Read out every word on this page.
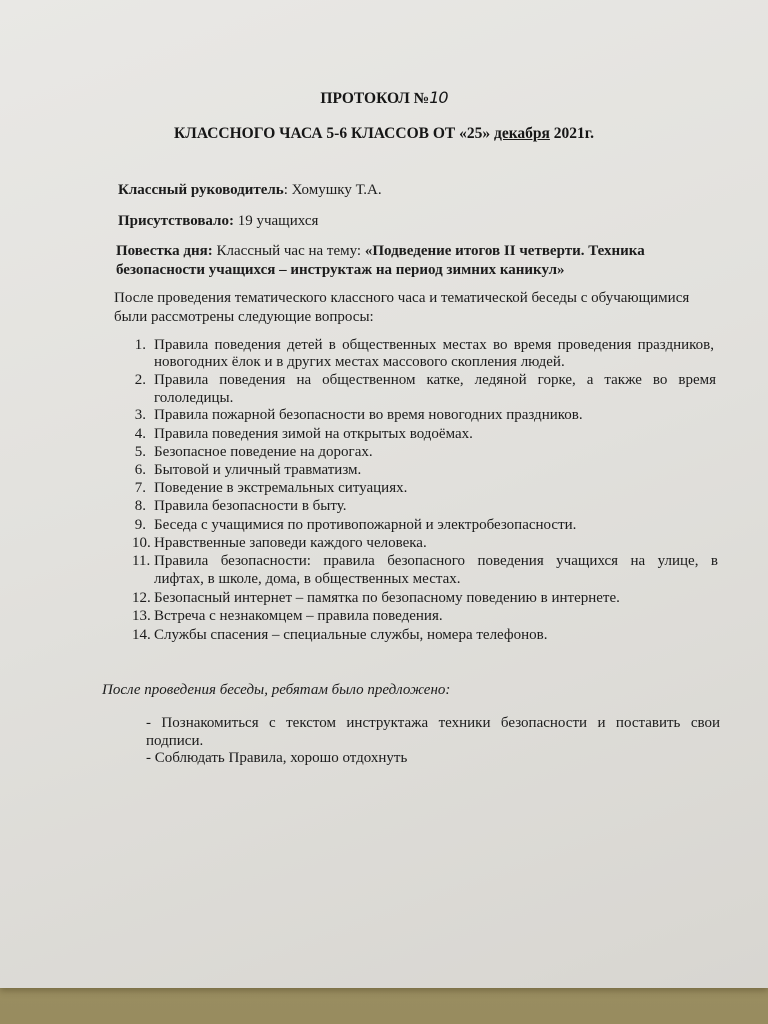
ПРОТОКОЛ №10
КЛАССНОГО ЧАСА 5-6 КЛАССОВ ОТ «25» декабря 2021г.
Классный руководитель: Хомушку Т.А.
Присутствовало: 19 учащихся
Повестка дня: Классный час на тему: «Подведение итогов II четверти. Техника
безопасности учащихся – инструктаж на период зимних каникул»
После проведения тематического классного часа и тематической беседы с обучающимися
были рассмотрены следующие вопросы:
1. Правила поведения детей в общественных местах во время проведения праздников,
новогодних ёлок и в других местах массового скопления людей.
2. Правила поведения на общественном катке, ледяной горке, а также во время
гололедицы.
3. Правила пожарной безопасности во время новогодних праздников.
4. Правила поведения зимой на открытых водоёмах.
5. Безопасное поведение на дорогах.
6. Бытовой и уличный травматизм.
7. Поведение в экстремальных ситуациях.
8. Правила безопасности в быту.
9. Беседа с учащимися по противопожарной и электробезопасности.
10. Нравственные заповеди каждого человека.
11. Правила безопасности: правила безопасного поведения учащихся на улице, в
лифтах, в школе, дома, в общественных местах.
12. Безопасный интернет – памятка по безопасному поведению в интернете.
13. Встреча с незнакомцем – правила поведения.
14. Службы спасения – специальные службы, номера телефонов.
После проведения беседы, ребятам было предложено:
- Познакомиться с текстом инструктажа техники безопасности и поставить свои
подписи.
- Соблюдать Правила, хорошо отдохнуть
